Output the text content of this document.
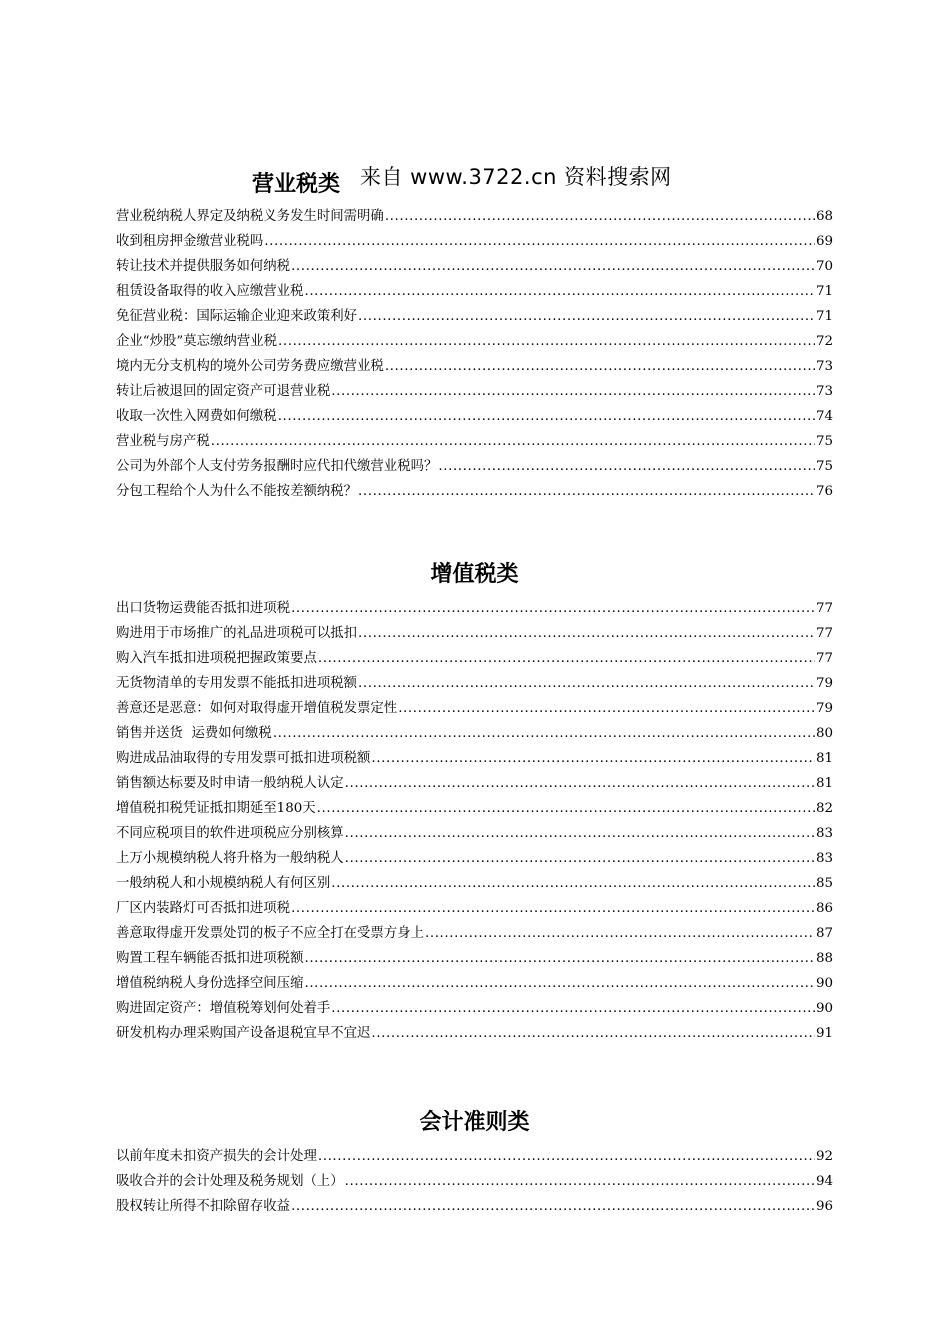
营业税类 来自 www.3722.cn 资料搜索网
营业税纳税人界定及纳税义务发生时间需明确 .....	68
收到租房押金缴营业税吗 .....	69
转让技术并提供服务如何纳税 .....	70
租赁设备取得的收入应缴营业税 .....	71
免征营业税：国际运输企业迎来政策利好 .....	71
企业“炒股”莫忘缴纳营业税 .....	72
境内无分支机构的境外公司劳务费应缴营业税 .....	73
转让后被退回的固定资产可退营业税 .....	73
收取一次性入网费如何缴税 .....	74
营业税与房产税 .....	75
公司为外部个人支付劳务报酬时应代扣代缴营业税吗？ .....	75
分包工程给个人为什么不能按差额纳税？ .....	76
增值税类
出口货物运费能否抵扣进项税 .....	77
购进用于市场推广的礼品进项税可以抵扣 .....	77
购入汽车抵扣进项税把握政策要点 .....	77
无货物清单的专用发票不能抵扣进项税额 .....	79
善意还是恶意：如何对取得虚开增值税发票定性 .....	79
销售并送货  运费如何缴税 .....	80
购进成品油取得的专用发票可抵扣进项税额 .....	81
销售额达标要及时申请一般纳税人认定 .....	81
增值税扣税凭证抵扣期延至180天 .....	82
不同应税项目的软件进项税应分别核算 .....	83
上万小规模纳税人将升格为一般纳税人 .....	83
一般纳税人和小规模纳税人有何区别 .....	85
厂区内装路灯可否抵扣进项税 .....	86
善意取得虚开发票处罚的板子不应全打在受票方身上 .....	87
购置工程车辆能否抵扣进项税额 .....	88
增值税纳税人身份选择空间压缩 .....	90
购进固定资产：增值税筹划何处着手 .....	90
研发机构办理采购国产设备退税宜早不宜迟 .....	91
会计准则类
以前年度未扣资产损失的会计处理 .....	92
吸收合并的会计处理及税务规划（上） .....	94
股权转让所得不扣除留存收益 .....	96
